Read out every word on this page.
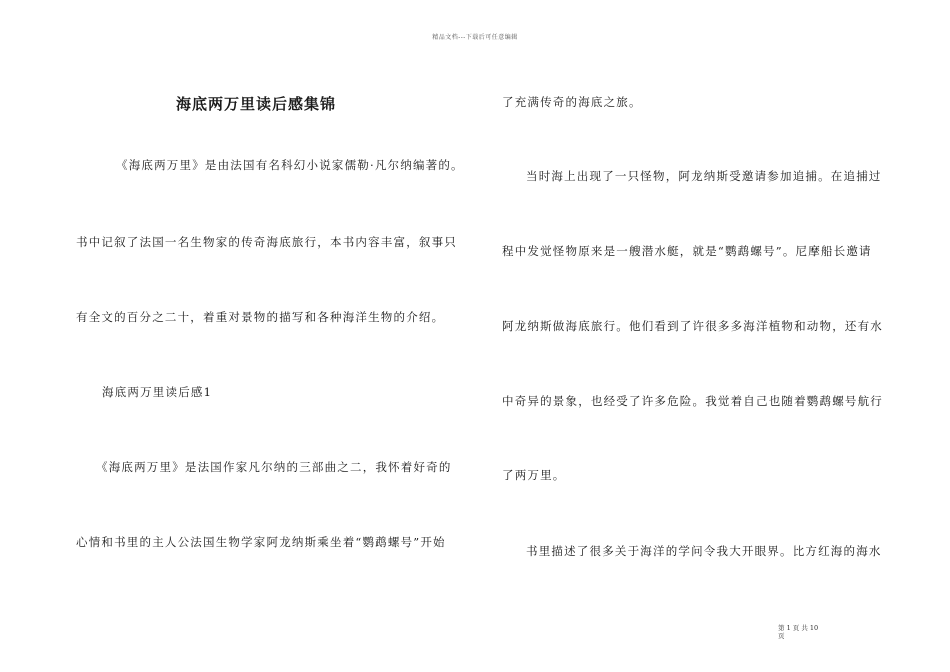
精品文档---下载后可任意编辑
海底两万里读后感集锦
《海底两万里》是由法国有名科幻小说家儒勒·凡尔纳编著的。
书中记叙了法国一名生物家的传奇海底旅行，本书内容丰富，叙事只
有全文的百分之二十，着重对景物的描写和各种海洋生物的介绍。
海底两万里读后感1
《海底两万里》是法国作家凡尔纳的三部曲之二，我怀着好奇的
心情和书里的主人公法国生物学家阿龙纳斯乘坐着“鹦鹉螺号”开始
了充满传奇的海底之旅。
当时海上出现了一只怪物，阿龙纳斯受邀请参加追捕。在追捕过
程中发觉怪物原来是一艘潜水艇，就是“鹦鹉螺号”。尼摩船长邀请
阿龙纳斯做海底旅行。他们看到了许很多多海洋植物和动物，还有水
中奇异的景象，也经受了许多危险。我觉着自己也随着鹦鹉螺号航行
了两万里。
书里描述了很多关于海洋的学问令我大开眼界。比方红海的海水
第 1 页 共 10
页
